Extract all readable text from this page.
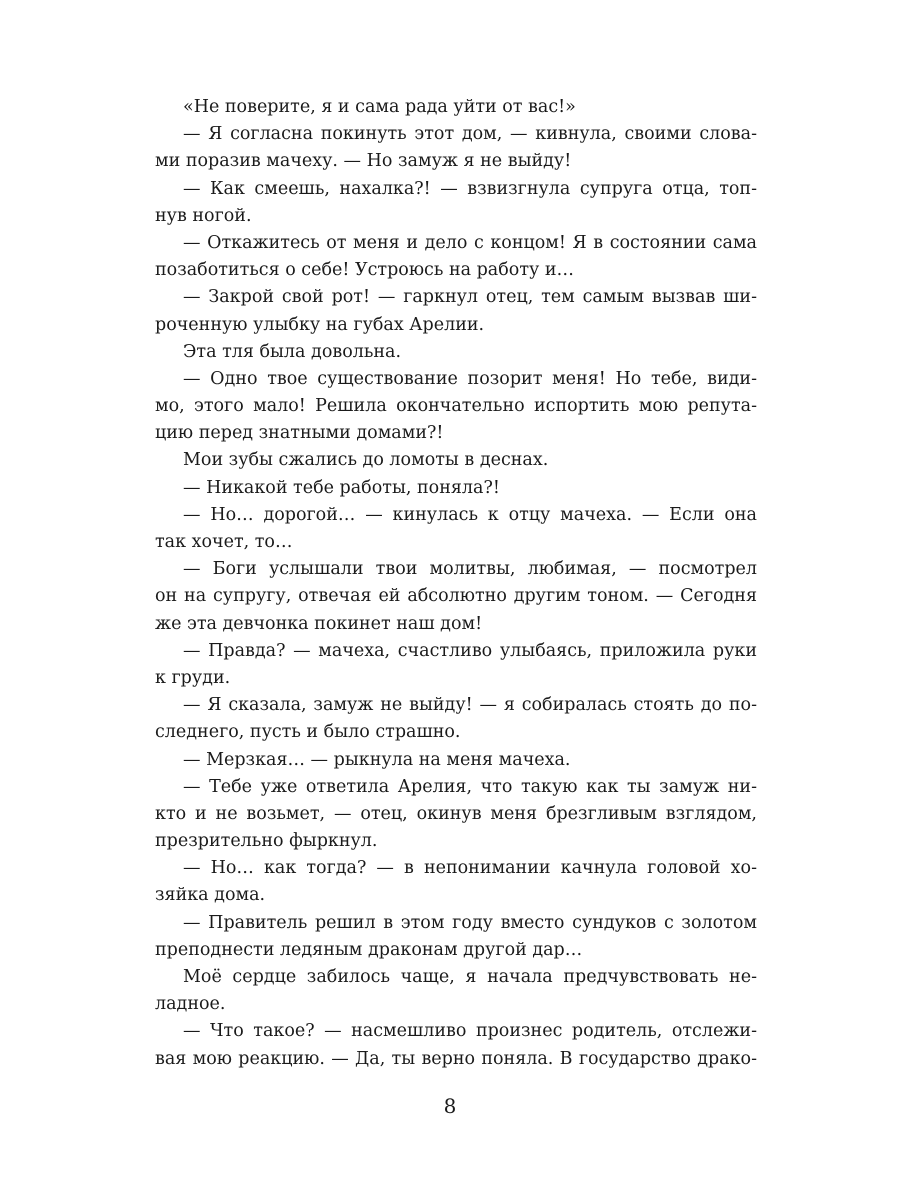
«Не поверите, я и сама рада уйти от вас!»
— Я согласна покинуть этот дом, — кивнула, своими слова-
ми поразив мачеху. — Но замуж я не выйду!
— Как смеешь, нахалка?! — взвизгнула супруга отца, топ-
нув ногой.
— Откажитесь от меня и дело с концом! Я в состоянии сама
позаботиться о себе! Устроюсь на работу и…
— Закрой свой рот! — гаркнул отец, тем самым вызвав ши-
роченную улыбку на губах Арелии.
Эта тля была довольна.
— Одно твое существование позорит меня! Но тебе, види-
мо, этого мало! Решила окончательно испортить мою репута-
цию перед знатными домами?!
Мои зубы сжались до ломоты в деснах.
— Никакой тебе работы, поняла?!
— Но… дорогой… — кинулась к отцу мачеха. — Если она
так хочет, то…
— Боги услышали твои молитвы, любимая, — посмотрел
он на супругу, отвечая ей абсолютно другим тоном. — Сегодня
же эта девчонка покинет наш дом!
— Правда? — мачеха, счастливо улыбаясь, приложила руки
к груди.
— Я сказала, замуж не выйду! — я собиралась стоять до по-
следнего, пусть и было страшно.
— Мерзкая… — рыкнула на меня мачеха.
— Тебе уже ответила Арелия, что такую как ты замуж ни-
кто и не возьмет, — отец, окинув меня брезгливым взглядом,
презрительно фыркнул.
— Но… как тогда? — в непонимании качнула головой хо-
зяйка дома.
— Правитель решил в этом году вместо сундуков с золотом
преподнести ледяным драконам другой дар…
Моё сердце забилось чаще, я начала предчувствовать не-
ладное.
— Что такое? — насмешливо произнес родитель, отслежи-
вая мою реакцию. — Да, ты верно поняла. В государство драко-
8
